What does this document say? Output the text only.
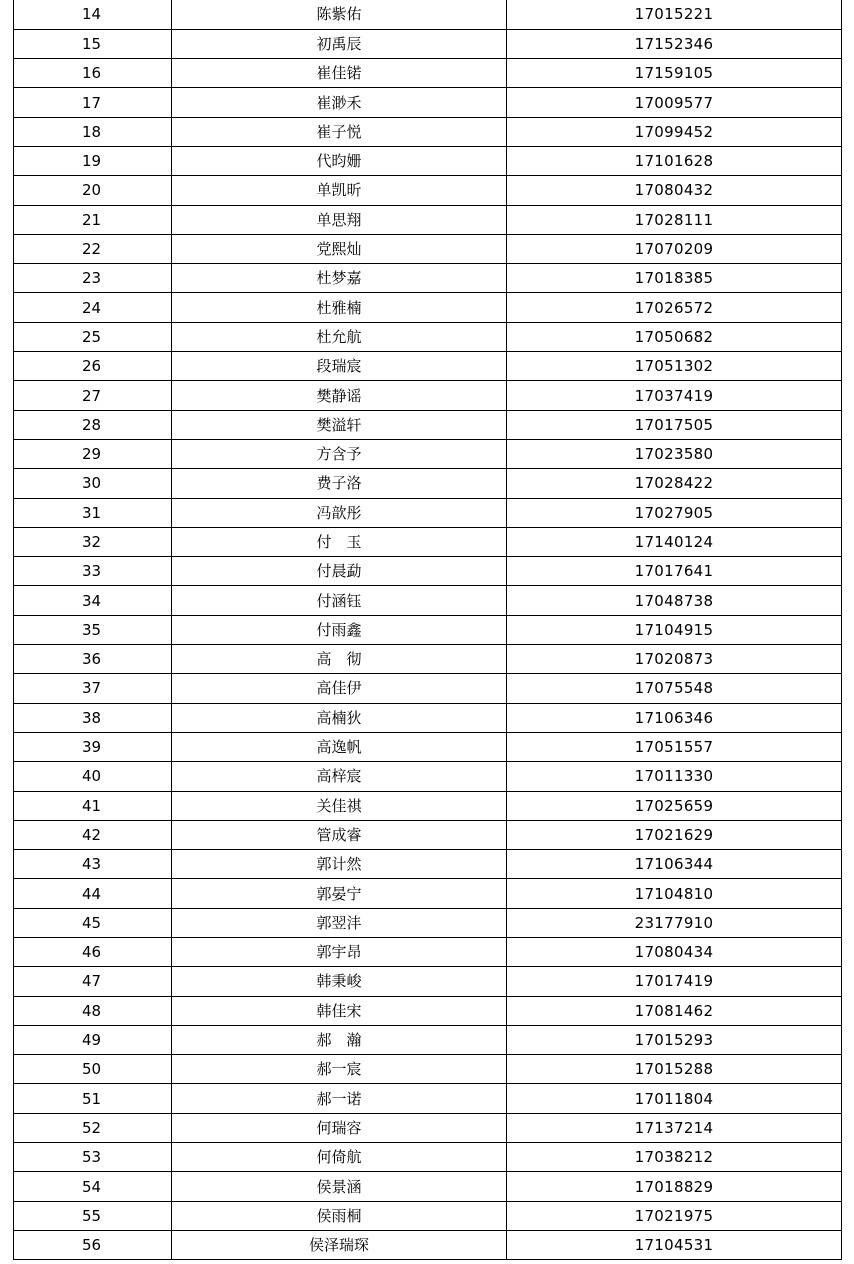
14	陈紫佑	17015221
15	初禹辰	17152346
16	崔佳锘	17159105
17	崔渺禾	17009577
18	崔子悦	17099452
19	代昀姗	17101628
20	单凯昕	17080432
21	单思翔	17028111
22	党熙灿	17070209
23	杜梦嘉	17018385
24	杜雅楠	17026572
25	杜允航	17050682
26	段瑞宸	17051302
27	樊静谣	17037419
28	樊溢轩	17017505
29	方含予	17023580
30	费子洛	17028422
31	冯歆彤	17027905
32	付　玉	17140124
33	付晨勐	17017641
34	付涵钰	17048738
35	付雨鑫	17104915
36	高　彻	17020873
37	高佳伊	17075548
38	高楠狄	17106346
39	高逸帆	17051557
40	高梓宸	17011330
41	关佳祺	17025659
42	管成睿	17021629
43	郭计然	17106344
44	郭晏宁	17104810
45	郭翌沣	23177910
46	郭宇昂	17080434
47	韩秉峻	17017419
48	韩佳宋	17081462
49	郝　瀚	17015293
50	郝一宸	17015288
51	郝一诺	17011804
52	何瑞容	17137214
53	何倚航	17038212
54	侯景涵	17018829
55	侯雨桐	17021975
56	侯泽瑞琛	17104531
